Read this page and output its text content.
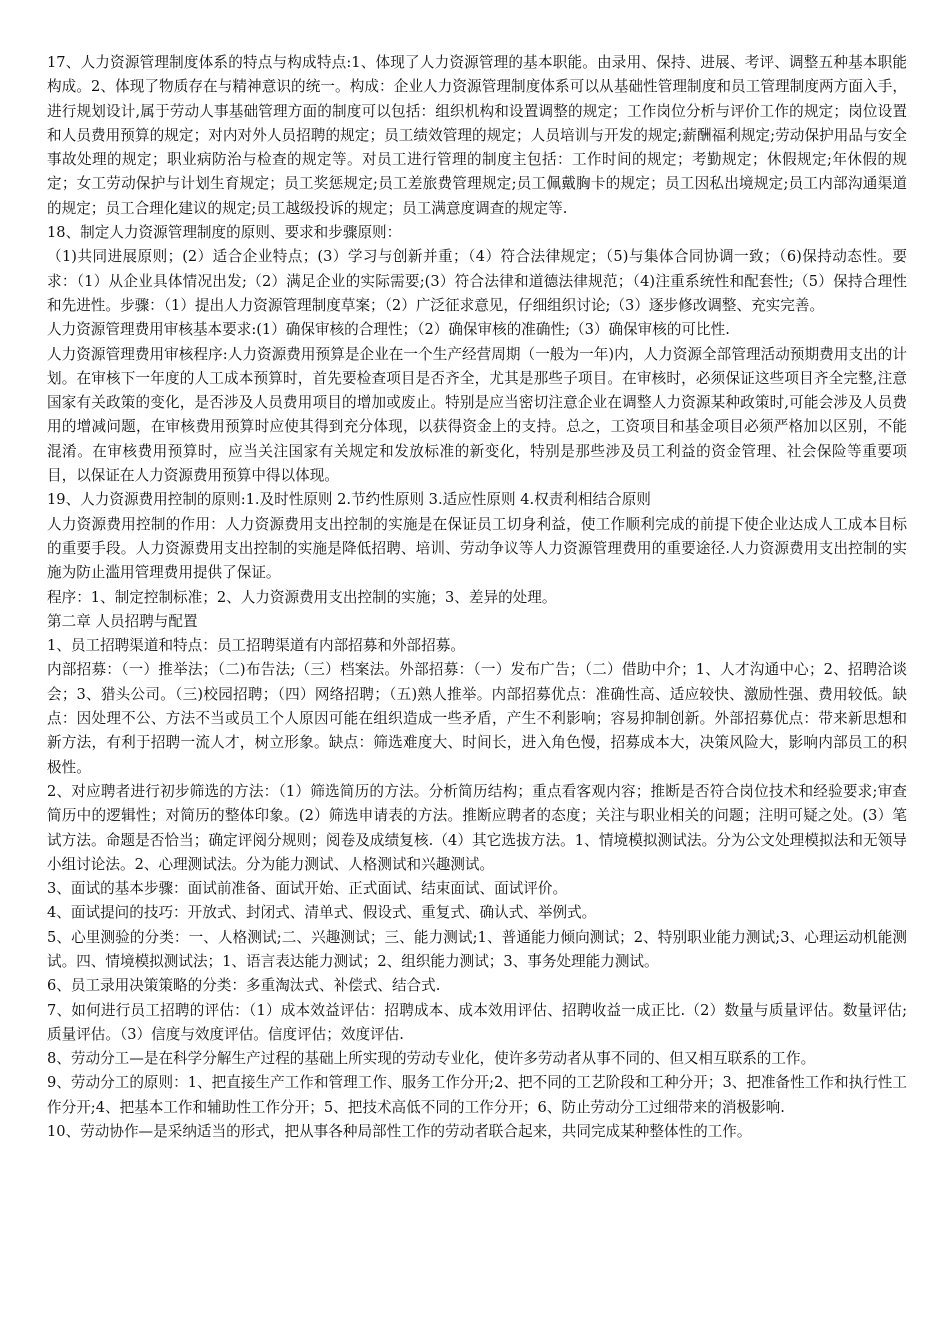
17、人力资源管理制度体系的特点与构成特点:1、体现了人力资源管理的基本职能。由录用、保持、进展、考评、调整五种基本职能构成。2、体现了物质存在与精神意识的统一。构成：企业人力资源管理制度体系可以从基础性管理制度和员工管理制度两方面入手，进行规划设计,属于劳动人事基础管理方面的制度可以包括：组织机构和设置调整的规定；工作岗位分析与评价工作的规定；岗位设置和人员费用预算的规定；对内对外人员招聘的规定；员工绩效管理的规定；人员培训与开发的规定;薪酬福利规定;劳动保护用品与安全事故处理的规定；职业病防治与检查的规定等。对员工进行管理的制度主包括：工作时间的规定；考勤规定；休假规定;年休假的规定；女工劳动保护与计划生育规定；员工奖惩规定;员工差旅费管理规定;员工佩戴胸卡的规定；员工因私出境规定;员工内部沟通渠道的规定；员工合理化建议的规定;员工越级投诉的规定；员工满意度调查的规定等.

18、制定人力资源管理制度的原则、要求和步骤原则：

（1)共同进展原则；(2）适合企业特点；(3）学习与创新并重；（4）符合法律规定；（5)与集体合同协调一致；（6)保持动态性。要求：（1）从企业具体情况出发;（2）满足企业的实际需要;(3）符合法律和道德法律规范；（4)注重系统性和配套性;（5）保持合理性和先进性。步骤：（1）提出人力资源管理制度草案；（2）广泛征求意见，仔细组织讨论;（3）逐步修改调整、充实完善。

人力资源管理费用审核基本要求:(1）确保审核的合理性；（2）确保审核的准确性;（3）确保审核的可比性.

人力资源管理费用审核程序:人力资源费用预算是企业在一个生产经营周期（一般为一年)内，人力资源全部管理活动预期费用支出的计划。在审核下一年度的人工成本预算时，首先要检查项目是否齐全，尤其是那些子项目。在审核时，必须保证这些项目齐全完整,注意国家有关政策的变化，是否涉及人员费用项目的增加或废止。特别是应当密切注意企业在调整人力资源某种政策时,可能会涉及人员费用的增减问题，在审核费用预算时应使其得到充分体现，以获得资金上的支持。总之，工资项目和基金项目必须严格加以区别，不能混淆。在审核费用预算时，应当关注国家有关规定和发放标准的新变化，特别是那些涉及员工利益的资金管理、社会保险等重要项目，以保证在人力资源费用预算中得以体现。

19、人力资源费用控制的原则:1.及时性原则 2.节约性原则 3.适应性原则 4.权责利相结合原则

人力资源费用控制的作用：人力资源费用支出控制的实施是在保证员工切身利益，使工作顺利完成的前提下使企业达成人工成本目标的重要手段。人力资源费用支出控制的实施是降低招聘、培训、劳动争议等人力资源管理费用的重要途径.人力资源费用支出控制的实施为防止滥用管理费用提供了保证。

程序：1、制定控制标准；2、人力资源费用支出控制的实施；3、差异的处理。

第二章 人员招聘与配置

1、员工招聘渠道和特点：员工招聘渠道有内部招募和外部招募。

内部招募：（一）推举法；（二)布告法;（三）档案法。外部招募：（一）发布广告；（二）借助中介；1、人才沟通中心；2、招聘洽谈会；3、猎头公司。（三)校园招聘；（四）网络招聘；（五)熟人推举。内部招募优点：准确性高、适应较快、激励性强、费用较低。缺点：因处理不公、方法不当或员工个人原因可能在组织造成一些矛盾，产生不利影响；容易抑制创新。外部招募优点：带来新思想和新方法，有利于招聘一流人才，树立形象。缺点：筛选难度大、时间长，进入角色慢，招募成本大，决策风险大，影响内部员工的积极性。

2、对应聘者进行初步筛选的方法：（1）筛选简历的方法。分析简历结构；重点看客观内容；推断是否符合岗位技术和经验要求;审查简历中的逻辑性；对简历的整体印象。(2）筛选申请表的方法。推断应聘者的态度；关注与职业相关的问题；注明可疑之处。(3）笔试方法。命题是否恰当；确定评阅分规则；阅卷及成绩复核.（4）其它选拔方法。1、情境模拟测试法。分为公文处理模拟法和无领导小组讨论法。2、心理测试法。分为能力测试、人格测试和兴趣测试。

3、面试的基本步骤：面试前准备、面试开始、正式面试、结束面试、面试评价。

4、面试提问的技巧：开放式、封闭式、清单式、假设式、重复式、确认式、举例式。

5、心里测验的分类：一、人格测试;二、兴趣测试；三、能力测试;1、普通能力倾向测试；2、特别职业能力测试;3、心理运动机能测试。四、情境模拟测试法；1、语言表达能力测试；2、组织能力测试；3、事务处理能力测试。

6、员工录用决策策略的分类：多重淘汰式、补偿式、结合式.

7、如何进行员工招聘的评估：（1）成本效益评估：招聘成本、成本效用评估、招聘收益一成正比.（2）数量与质量评估。数量评估;质量评估。（3）信度与效度评估。信度评估；效度评估.

8、劳动分工—是在科学分解生产过程的基础上所实现的劳动专业化，使许多劳动者从事不同的、但又相互联系的工作。

9、劳动分工的原则：1、把直接生产工作和管理工作、服务工作分开;2、把不同的工艺阶段和工种分开；3、把准备性工作和执行性工作分开;4、把基本工作和辅助性工作分开；5、把技术高低不同的工作分开；6、防止劳动分工过细带来的消极影响.

10、劳动协作—是采纳适当的形式，把从事各种局部性工作的劳动者联合起来，共同完成某种整体性的工作。
